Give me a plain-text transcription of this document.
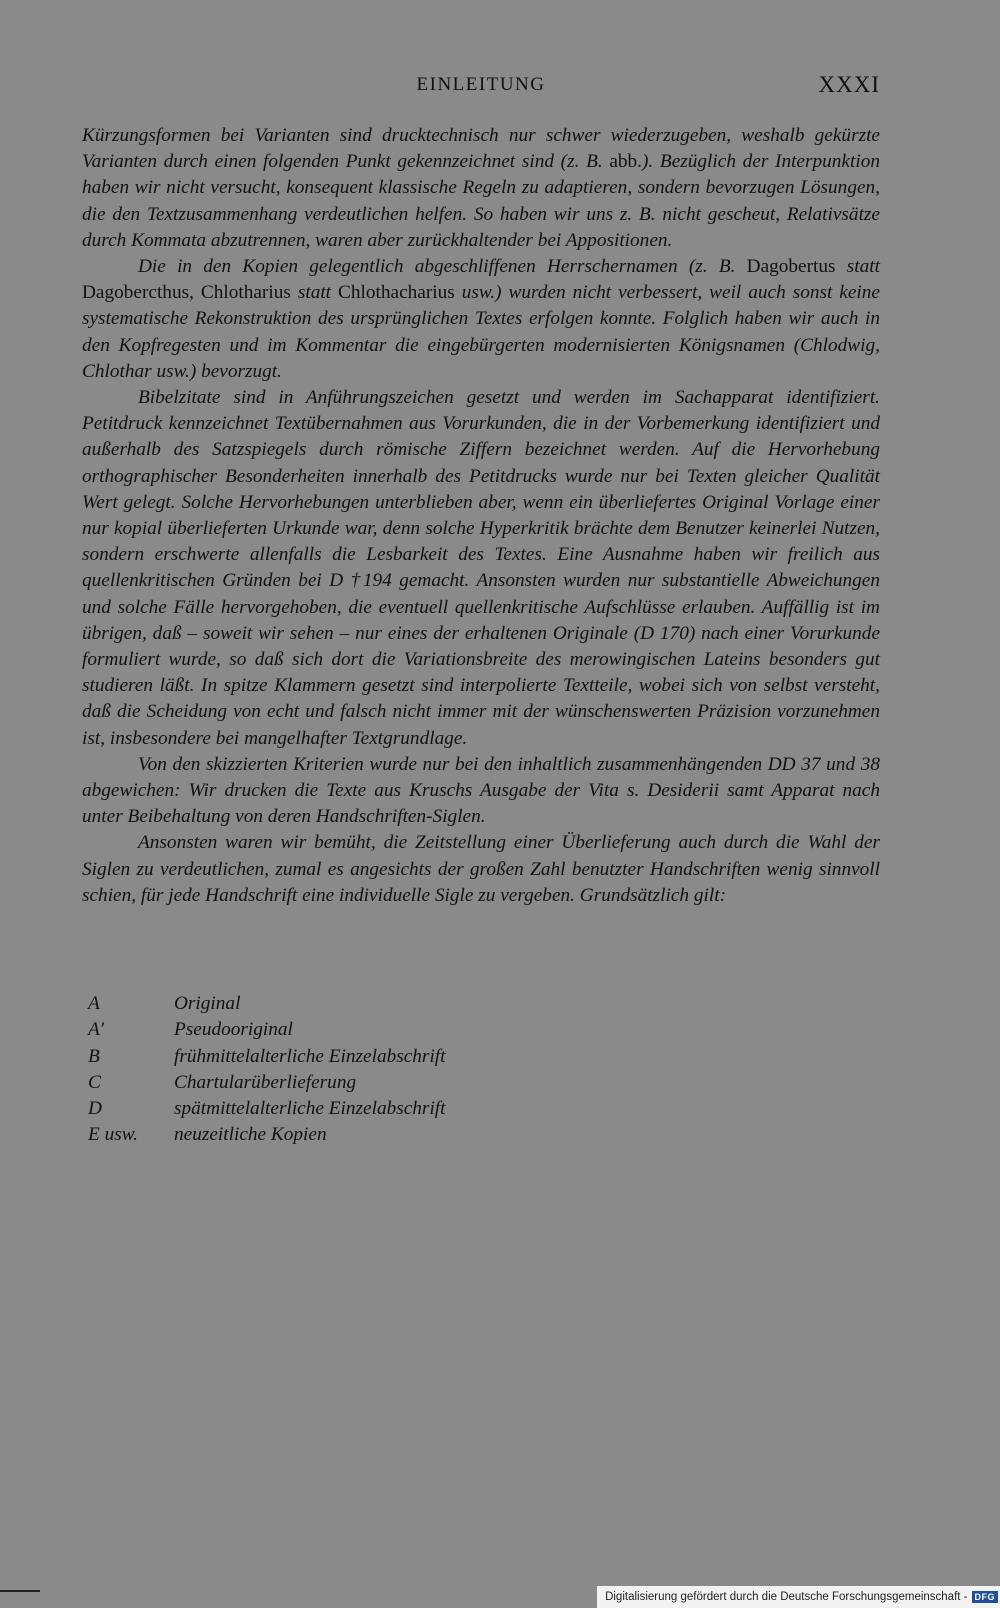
EINLEITUNG	XXXI

Kürzungsformen bei Varianten sind drucktechnisch nur schwer wiederzugeben, weshalb gekürzte Varianten durch einen folgenden Punkt gekennzeichnet sind (z. B. abb.). Bezüglich der Interpunktion haben wir nicht versucht, konsequent klassische Regeln zu adaptieren, sondern bevorzugen Lösungen, die den Textzusammenhang verdeutlichen helfen. So haben wir uns z. B. nicht gescheut, Relativsätze durch Kommata abzutrennen, waren aber zurückhaltender bei Appositionen.

Die in den Kopien gelegentlich abgeschliffenen Herrschernamen (z. B. Dagobertus statt Dagobercthus, Chlotharius statt Chlothacharius usw.) wurden nicht verbessert, weil auch sonst keine systematische Rekonstruktion des ursprünglichen Textes erfolgen konnte. Folglich haben wir auch in den Kopfregesten und im Kommentar die eingebürgerten modernisierten Königsnamen (Chlodwig, Chlothar usw.) bevorzugt.

Bibelzitate sind in Anführungszeichen gesetzt und werden im Sachapparat identifiziert. Petitdruck kennzeichnet Textübernahmen aus Vorurkunden, die in der Vorbemerkung identifiziert und außerhalb des Satzspiegels durch römische Ziffern bezeichnet werden. Auf die Hervorhebung orthographischer Besonderheiten innerhalb des Petitdrucks wurde nur bei Texten gleicher Qualität Wert gelegt. Solche Hervorhebungen unterblieben aber, wenn ein überliefertes Original Vorlage einer nur kopial überlieferten Urkunde war, denn solche Hyperkritik brächte dem Benutzer keinerlei Nutzen, sondern erschwerte allenfalls die Lesbarkeit des Textes. Eine Ausnahme haben wir freilich aus quellenkritischen Gründen bei D †194 gemacht. Ansonsten wurden nur substantielle Abweichungen und solche Fälle hervorgehoben, die eventuell quellenkritische Aufschlüsse erlauben. Auffällig ist im übrigen, daß – soweit wir sehen – nur eines der erhaltenen Originale (D 170) nach einer Vorurkunde formuliert wurde, so daß sich dort die Variationsbreite des merowingischen Lateins besonders gut studieren läßt. In spitze Klammern gesetzt sind interpolierte Textteile, wobei sich von selbst versteht, daß die Scheidung von echt und falsch nicht immer mit der wünschenswerten Präzision vorzunehmen ist, insbesondere bei mangelhafter Textgrundlage.

Von den skizzierten Kriterien wurde nur bei den inhaltlich zusammenhängenden DD 37 und 38 abgewichen: Wir drucken die Texte aus Kruschs Ausgabe der Vita s. Desiderii samt Apparat nach unter Beibehaltung von deren Handschriften-Siglen.

Ansonsten waren wir bemüht, die Zeitstellung einer Überlieferung auch durch die Wahl der Siglen zu verdeutlichen, zumal es angesichts der großen Zahl benutzter Handschriften wenig sinnvoll schien, für jede Handschrift eine individuelle Sigle zu vergeben. Grundsätzlich gilt:

A	Original
A'	Pseudooriginal
B	frühmittelalterliche Einzelabschrift
C	Chartularüberlieferung
D	spätmittelalterliche Einzelabschrift
E usw.	neuzeitliche Kopien
Digitalisierung gefördert durch die Deutsche Forschungsgemeinschaft - DFG
